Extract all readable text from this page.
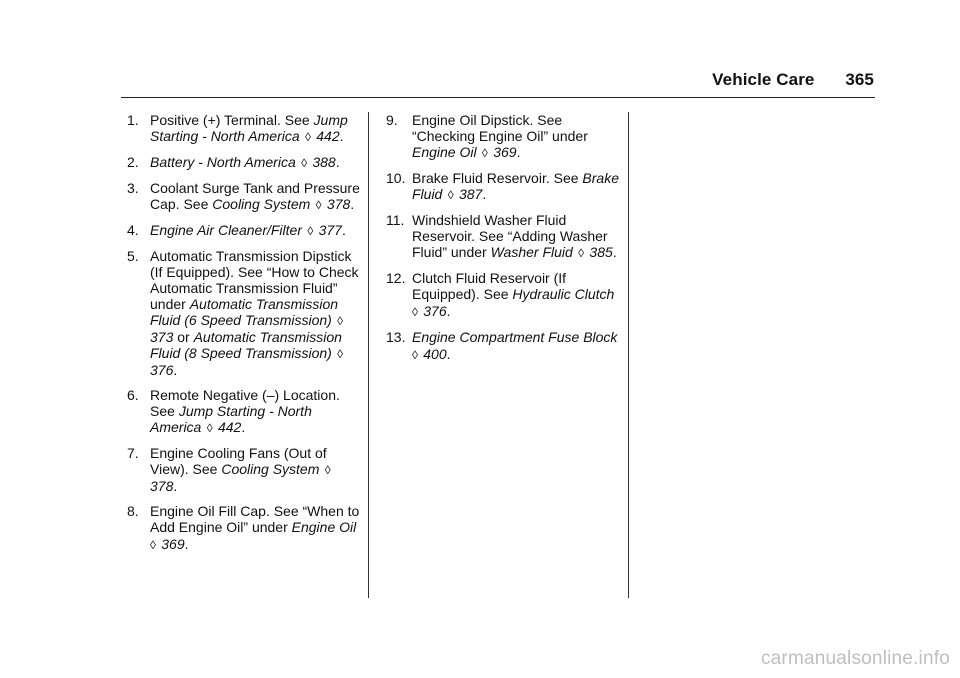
Vehicle Care 365
1. Positive (+) Terminal. See Jump Starting - North America ◊ 442.
2. Battery - North America ◊ 388.
3. Coolant Surge Tank and Pressure Cap. See Cooling System ◊ 378.
4. Engine Air Cleaner/Filter ◊ 377.
5. Automatic Transmission Dipstick (If Equipped). See “How to Check Automatic Transmission Fluid” under Automatic Transmission Fluid (6 Speed Transmission) ◊ 373 or Automatic Transmission Fluid (8 Speed Transmission) ◊ 376.
6. Remote Negative (–) Location. See Jump Starting - North America ◊ 442.
7. Engine Cooling Fans (Out of View). See Cooling System ◊ 378.
8. Engine Oil Fill Cap. See “When to Add Engine Oil” under Engine Oil ◊ 369.
9.	Engine Oil Dipstick. See “Checking Engine Oil” under Engine Oil ◊ 369.
10. Brake Fluid Reservoir. See Brake Fluid ◊ 387.
11. Windshield Washer Fluid Reservoir. See “Adding Washer Fluid” under Washer Fluid ◊ 385.
12. Clutch Fluid Reservoir (If Equipped). See Hydraulic Clutch ◊ 376.
13. Engine Compartment Fuse Block ◊ 400.
carmanualsonline.info
